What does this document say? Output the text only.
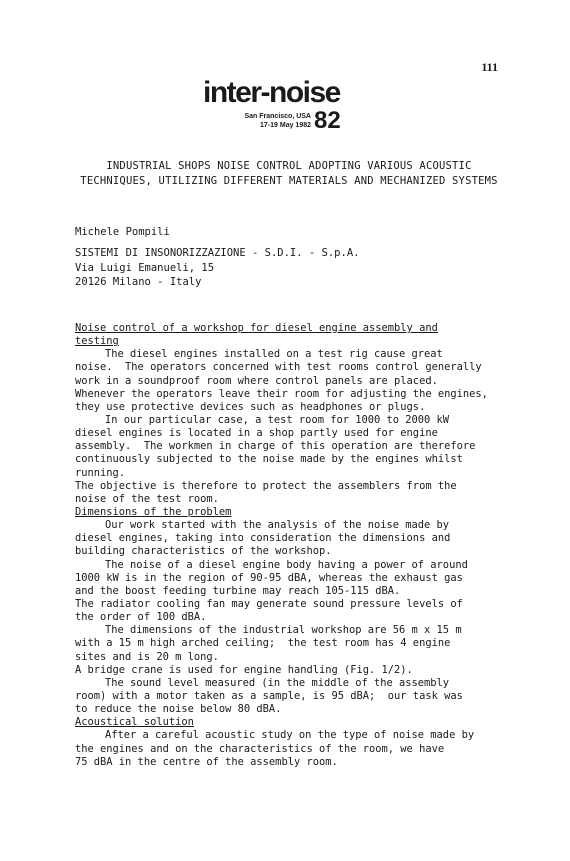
111
inter-noise
San Francisco, USA
17-19 May 1982 82
INDUSTRIAL SHOPS NOISE CONTROL ADOPTING VARIOUS ACOUSTIC
TECHNIQUES, UTILIZING DIFFERENT MATERIALS AND MECHANIZED SYSTEMS
Michele Pompili
SISTEMI DI INSONORIZZAZIONE - S.D.I. - S.p.A.
Via Luigi Emanueli, 15
20126 Milano - Italy
Noise control of a workshop for diesel engine assembly and
testing
The diesel engines installed on a test rig cause great
noise.  The operators concerned with test rooms control generally
work in a soundproof room where control panels are placed.
Whenever the operators leave their room for adjusting the engines,
they use protective devices such as headphones or plugs.
In our particular case, a test room for 1000 to 2000 kW
diesel engines is located in a shop partly used for engine
assembly.  The workmen in charge of this operation are therefore
continuously subjected to the noise made by the engines whilst
running.
The objective is therefore to protect the assemblers from the
noise of the test room.
Dimensions of the problem
Our work started with the analysis of the noise made by
diesel engines, taking into consideration the dimensions and
building characteristics of the workshop.
The noise of a diesel engine body having a power of around
1000 kW is in the region of 90-95 dBA, whereas the exhaust gas
and the boost feeding turbine may reach 105-115 dBA.
The radiator cooling fan may generate sound pressure levels of
the order of 100 dBA.
The dimensions of the industrial workshop are 56 m x 15 m
with a 15 m high arched ceiling;  the test room has 4 engine
sites and is 20 m long.
A bridge crane is used for engine handling (Fig. 1/2).
The sound level measured (in the middle of the assembly
room) with a motor taken as a sample, is 95 dBA;  our task was
to reduce the noise below 80 dBA.
Acoustical solution
After a careful acoustic study on the type of noise made by
the engines and on the characteristics of the room, we have
75 dBA in the centre of the assembly room.
